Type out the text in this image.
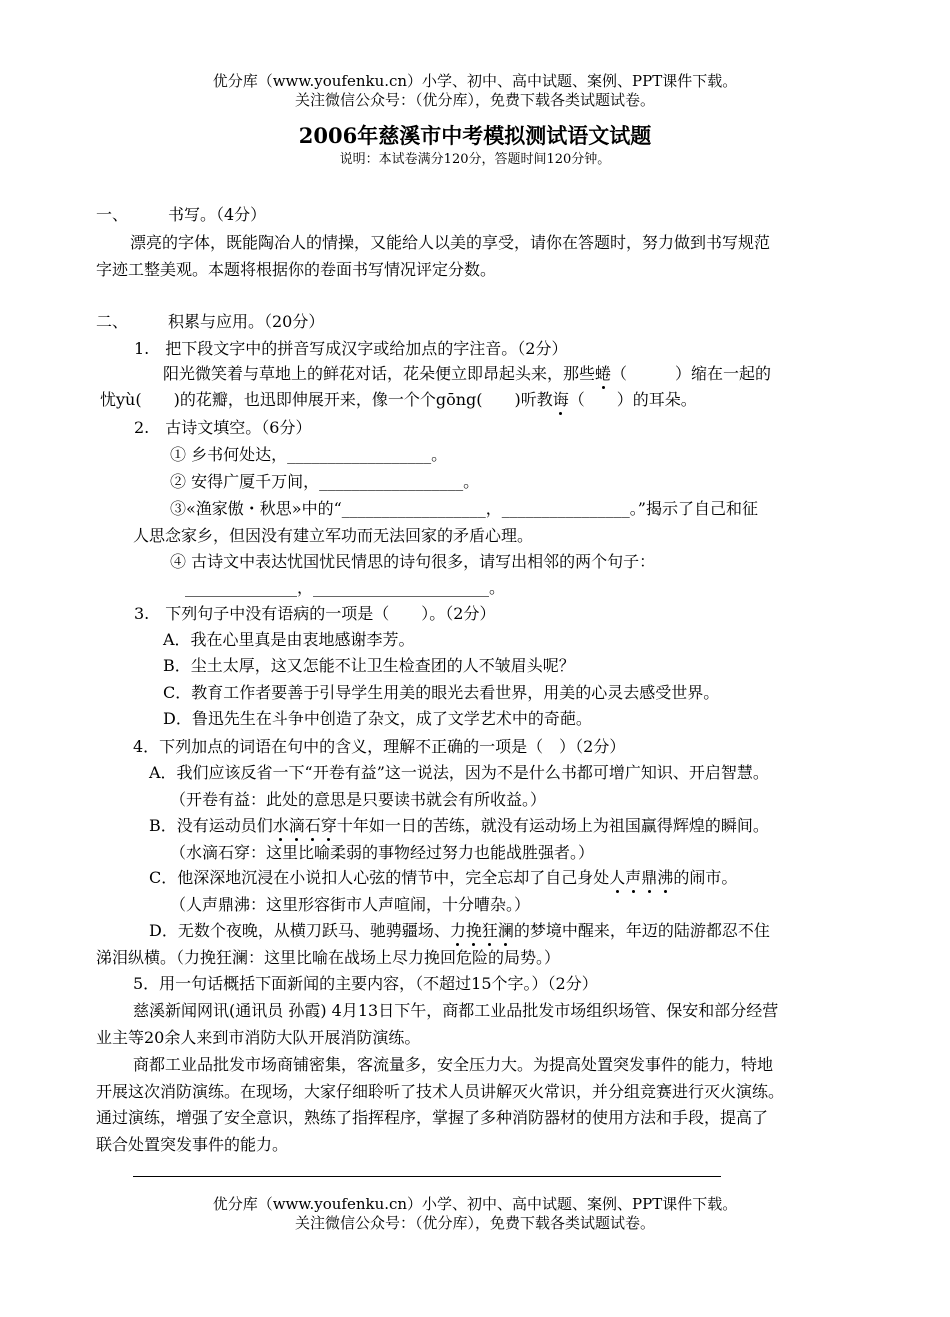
优分库（www.youfenku.cn）小学、初中、高中试题、案例、PPT课件下载。
关注微信公众号：（优分库），免费下载各类试题试卷。
2006年慈溪市中考模拟测试语文试题
说明：本试卷满分120分，答题时间120分钟。
一、 书写。（4分）
漂亮的字体，既能陶冶人的情操，又能给人以美的享受，请你在答题时，努力做到书写规范
字迹工整美观。本题将根据你的卷面书写情况评定分数。
二、 积累与应用。（20分）
1.　把下段文字中的拼音写成汉字或给加点的字注音。（2分）
阳光微笑着与草地上的鲜花对话，花朵便立即昂起头来，那些蜷（　　　）缩在一起的
忧yù(　　)的花瓣，也迅即伸展开来，像一个个gōng(　　)听教诲（　　）的耳朵。
2.　古诗文填空。（6分）
① 乡书何处达，__________________。
② 安得广厦千万间，__________________。
③«渔家傲・秋思»中的“__________________，________________。”揭示了自己和征
人思念家乡，但因没有建立军功而无法回家的矛盾心理。
④ 古诗文中表达忧国忧民情思的诗句很多，请写出相邻的两个句子：
______________，______________________。
3.　下列句子中没有语病的一项是（　　）。（2分）
A．我在心里真是由衷地感谢李芳。
B．尘土太厚，这又怎能不让卫生检查团的人不皱眉头呢？
C．教育工作者要善于引导学生用美的眼光去看世界，用美的心灵去感受世界。
D．鲁迅先生在斗争中创造了杂文，成了文学艺术中的奇葩。
4．下列加点的词语在句中的含义，理解不正确的一项是（　）（2分）
A．我们应该反省一下“开卷有益”这一说法，因为不是什么书都可增广知识、开启智慧。
（开卷有益：此处的意思是只要读书就会有所收益。）
B．没有运动员们水滴石穿十年如一日的苦练，就没有运动场上为祖国赢得辉煌的瞬间。
（水滴石穿：这里比喻柔弱的事物经过努力也能战胜强者。）
C．他深深地沉浸在小说扣人心弦的情节中，完全忘却了自己身处人声鼎沸的闹市。
（人声鼎沸：这里形容街市人声喧闹，十分嘈杂。）
D．无数个夜晚，从横刀跃马、驰骋疆场、力挽狂澜的梦境中醒来，年迈的陆游都忍不住
涕泪纵横。（力挽狂澜：这里比喻在战场上尽力挽回危险的局势。）
5．用一句话概括下面新闻的主要内容，（不超过15个字。）（2分）
慈溪新闻网讯(通讯员 孙霞) 4月13日下午，商都工业品批发市场组织场管、保安和部分经营
业主等20余人来到市消防大队开展消防演练。
商都工业品批发市场商铺密集，客流量多，安全压力大。为提高处置突发事件的能力，特地
开展这次消防演练。在现场，大家仔细聆听了技术人员讲解灭火常识，并分组竞赛进行灭火演练。
通过演练，增强了安全意识，熟练了指挥程序，掌握了多种消防器材的使用方法和手段，提高了
联合处置突发事件的能力。
优分库（www.youfenku.cn）小学、初中、高中试题、案例、PPT课件下载。
关注微信公众号：（优分库），免费下载各类试题试卷。
